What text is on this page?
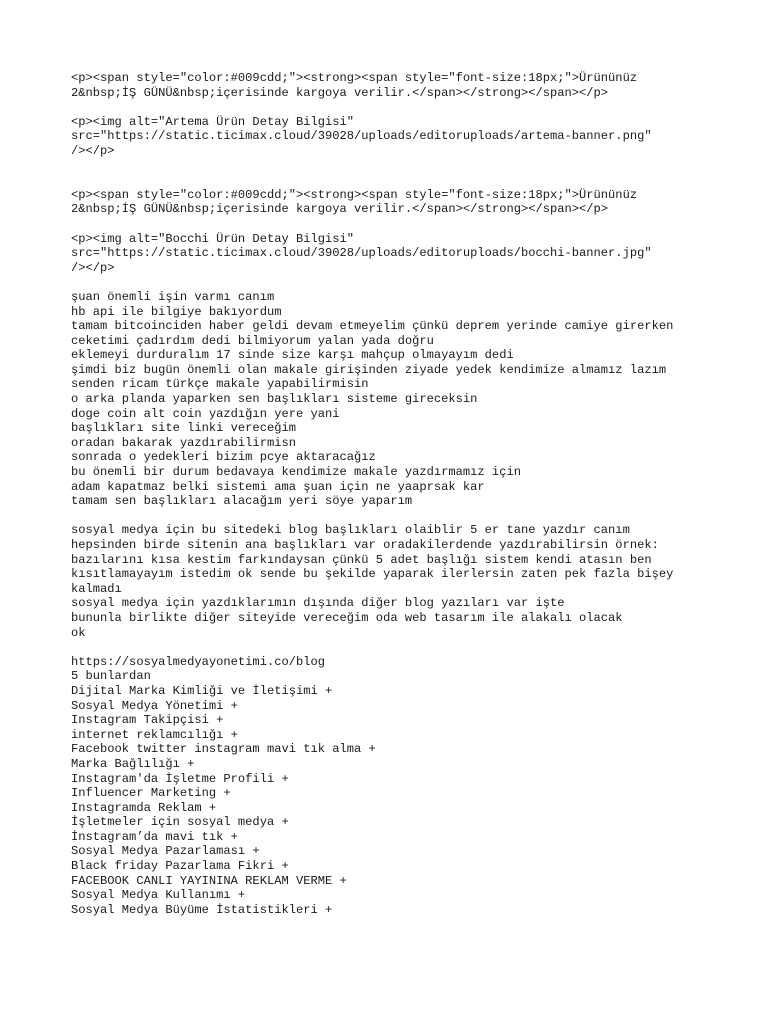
<p><span style="color:#009cdd;"><strong><span style="font-size:18px;">Ürününüz
2&nbsp;İŞ GÜNÜ&nbsp;içerisinde kargoya verilir.</span></strong></span></p>
<p><img alt="Artema Ürün Detay Bilgisi"
src="https://static.ticimax.cloud/39028/uploads/editoruploads/artema-banner.png"
/></p>
<p><span style="color:#009cdd;"><strong><span style="font-size:18px;">Ürününüz
2&nbsp;İŞ GÜNÜ&nbsp;içerisinde kargoya verilir.</span></strong></span></p>
<p><img alt="Bocchi Ürün Detay Bilgisi"
src="https://static.ticimax.cloud/39028/uploads/editoruploads/bocchi-banner.jpg"
/></p>
şuan önemli işin varmı canım
hb api ile bilgiye bakıyordum
tamam bitcoinciden haber geldi devam etmeyelim çünkü deprem yerinde camiye girerken
ceketimi çadırdım dedi bilmiyorum yalan yada doğru
eklemeyi durduralım 17 sinde size karşı mahçup olmayayım dedi
şimdi biz bugün önemli olan makale girişinden ziyade yedek kendimize almamız lazım
senden ricam türkçe makale yapabilirmisin
o arka planda yaparken sen başlıkları sisteme gireceksin
doge coin alt coin yazdığın yere yani
başlıkları site linki vereceğim
oradan bakarak yazdırabilirmisn
sonrada o yedekleri bizim pcye aktaracağız
bu önemli bir durum bedavaya kendimize makale yazdırmamız için
adam kapatmaz belki sistemi ama şuan için ne yaaprsak kar
tamam sen başlıkları alacağım yeri söye yaparım
sosyal medya için bu sitedeki blog başlıkları olaiblir 5 er tane yazdır canım
hepsinden birde sitenin ana başlıkları var oradakilerdende yazdırabilirsin örnek:
bazılarını kısa kestim farkındaysan çünkü 5 adet başlığı sistem kendi atasın ben
kısıtlamayayım istedim ok sende bu şekilde yaparak ilerlersin zaten pek fazla bişey
kalmadı
sosyal medya için yazdıklarımın dışında diğer blog yazıları var işte
bununla birlikte diğer siteyide vereceğim oda web tasarım ile alakalı olacak
ok
https://sosyalmedyayonetimi.co/blog
5 bunlardan
Dijital Marka Kimliği ve İletişimi +
Sosyal Medya Yönetimi +
Instagram Takipçisi +
internet reklamcılığı +
Facebook twitter instagram mavi tık alma +
Marka Bağlılığı +
Instagram'da İşletme Profili +
Influencer Marketing +
Instagramda Reklam +
İşletmeler için sosyal medya +
İnstagram’da mavi tık +
Sosyal Medya Pazarlaması +
Black friday Pazarlama Fikri +
FACEBOOK CANLI YAYININA REKLAM VERME +
Sosyal Medya Kullanımı +
Sosyal Medya Büyüme İstatistikleri +
